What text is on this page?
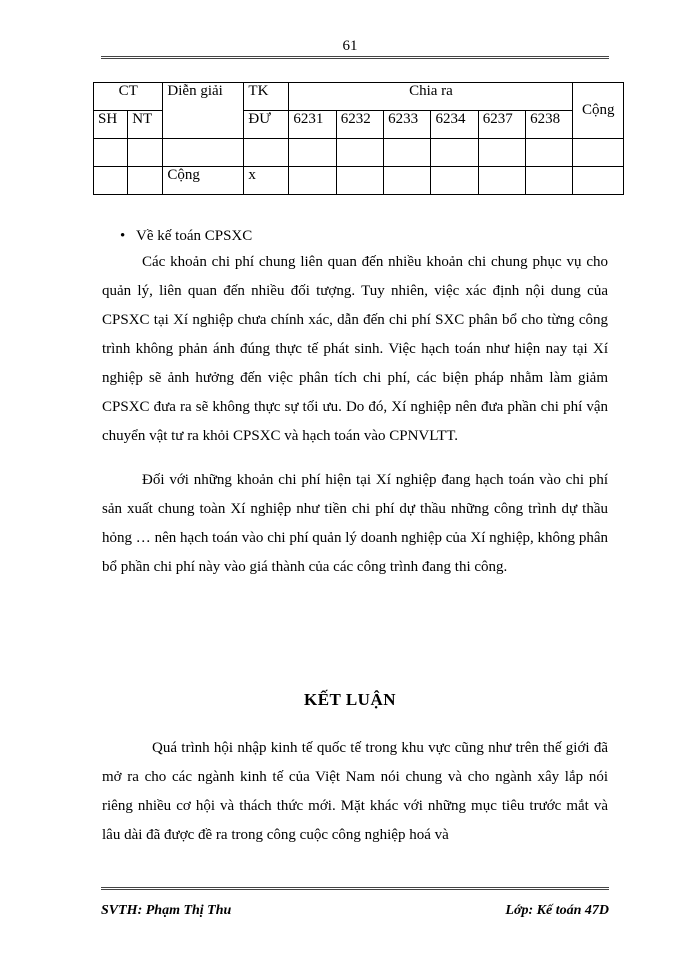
61
CT		Diễn giải	TK	Chia ra						Cộng
SH	NT		ĐƯ	6231	6232	6233	6234	6237	6238	

		Cộng	x							
• Về kế toán CPSXC

Các khoản chi phí chung liên quan đến nhiều khoản chi chung phục vụ cho quản lý, liên quan đến nhiều đối tượng. Tuy nhiên, việc xác định nội dung của CPSXC tại Xí nghiệp chưa chính xác, dẫn đến chi phí SXC phân bổ cho từng công trình không phản ánh đúng thực tế phát sinh. Việc hạch toán như hiện nay tại Xí nghiệp sẽ ảnh hưởng đến việc phân tích chi phí, các biện pháp nhằm làm giảm CPSXC đưa ra sẽ không thực sự tối ưu. Do đó, Xí nghiệp nên đưa phần chi phí vận chuyển vật tư ra khỏi CPSXC và hạch toán vào CPNVLTT.

Đối với những khoản chi phí hiện tại Xí nghiệp đang hạch toán vào chi phí sản xuất chung toàn Xí nghiệp như tiền chi phí dự thầu những công trình dự thầu hỏng … nên hạch toán vào chi phí quản lý doanh nghiệp của Xí nghiệp, không phân bổ phần chi phí này vào giá thành của các công trình đang thi công.

KẾT LUẬN

Quá trình hội nhập kinh tế quốc tế trong khu vực cũng như trên thế giới đã mở ra cho các ngành kinh tế của Việt Nam nói chung và cho ngành xây lắp nói riêng nhiều cơ hội và thách thức mới. Mặt khác với những mục tiêu trước mắt và lâu dài đã được đề ra trong công cuộc công nghiệp hoá và

SVTH: Phạm Thị Thu	Lớp: Kế toán 47D
